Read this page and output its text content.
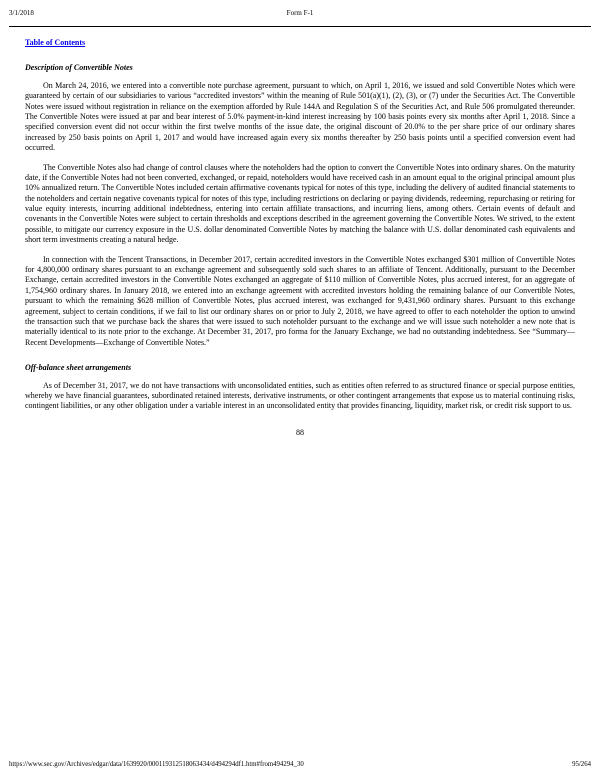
3/1/2018	Form F-1
Table of Contents
Description of Convertible Notes

On March 24, 2016, we entered into a convertible note purchase agreement, pursuant to which, on April 1, 2016, we issued and sold Convertible Notes which were guaranteed by certain of our subsidiaries to various “accredited investors” within the meaning of Rule 501(a)(1), (2), (3), or (7) under the Securities Act. The Convertible Notes were issued without registration in reliance on the exemption afforded by Rule 144A and Regulation S of the Securities Act, and Rule 506 promulgated thereunder. The Convertible Notes were issued at par and bear interest of 5.0% payment-in-kind interest increasing by 100 basis points every six months after April 1, 2018. Since a specified conversion event did not occur within the first twelve months of the issue date, the original discount of 20.0% to the per share price of our ordinary shares increased by 250 basis points on April 1, 2017 and would have increased again every six months thereafter by 250 basis points until a specified conversion event had occurred.

The Convertible Notes also had change of control clauses where the noteholders had the option to convert the Convertible Notes into ordinary shares. On the maturity date, if the Convertible Notes had not been converted, exchanged, or repaid, noteholders would have received cash in an amount equal to the original principal amount plus 10% annualized return. The Convertible Notes included certain affirmative covenants typical for notes of this type, including the delivery of audited financial statements to the noteholders and certain negative covenants typical for notes of this type, including restrictions on declaring or paying dividends, redeeming, repurchasing or retiring for value equity interests, incurring additional indebtedness, entering into certain affiliate transactions, and incurring liens, among others. Certain events of default and covenants in the Convertible Notes were subject to certain thresholds and exceptions described in the agreement governing the Convertible Notes. We strived, to the extent possible, to mitigate our currency exposure in the U.S. dollar denominated Convertible Notes by matching the balance with U.S. dollar denominated cash equivalents and short term investments creating a natural hedge.

In connection with the Tencent Transactions, in December 2017, certain accredited investors in the Convertible Notes exchanged $301 million of Convertible Notes for 4,800,000 ordinary shares pursuant to an exchange agreement and subsequently sold such shares to an affiliate of Tencent. Additionally, pursuant to the December Exchange, certain accredited investors in the Convertible Notes exchanged an aggregate of $110 million of Convertible Notes, plus accrued interest, for an aggregate of 1,754,960 ordinary shares. In January 2018, we entered into an exchange agreement with accredited investors holding the remaining balance of our Convertible Notes, pursuant to which the remaining $628 million of Convertible Notes, plus accrued interest, was exchanged for 9,431,960 ordinary shares. Pursuant to this exchange agreement, subject to certain conditions, if we fail to list our ordinary shares on or prior to July 2, 2018, we have agreed to offer to each noteholder the option to unwind the transaction such that we purchase back the shares that were issued to such noteholder pursuant to the exchange and we will issue such noteholder a new note that is materially identical to its note prior to the exchange. At December 31, 2017, pro forma for the January Exchange, we had no outstanding indebtedness. See “Summary—Recent Developments—Exchange of Convertible Notes.”

Off-balance sheet arrangements

As of December 31, 2017, we do not have transactions with unconsolidated entities, such as entities often referred to as structured finance or special purpose entities, whereby we have financial guarantees, subordinated retained interests, derivative instruments, or other contingent arrangements that expose us to material continuing risks, contingent liabilities, or any other obligation under a variable interest in an unconsolidated entity that provides financing, liquidity, market risk, or credit risk support to us.

88
https://www.sec.gov/Archives/edgar/data/1639920/000119312518063434/d494294df1.htm#from494294_30	95/264
